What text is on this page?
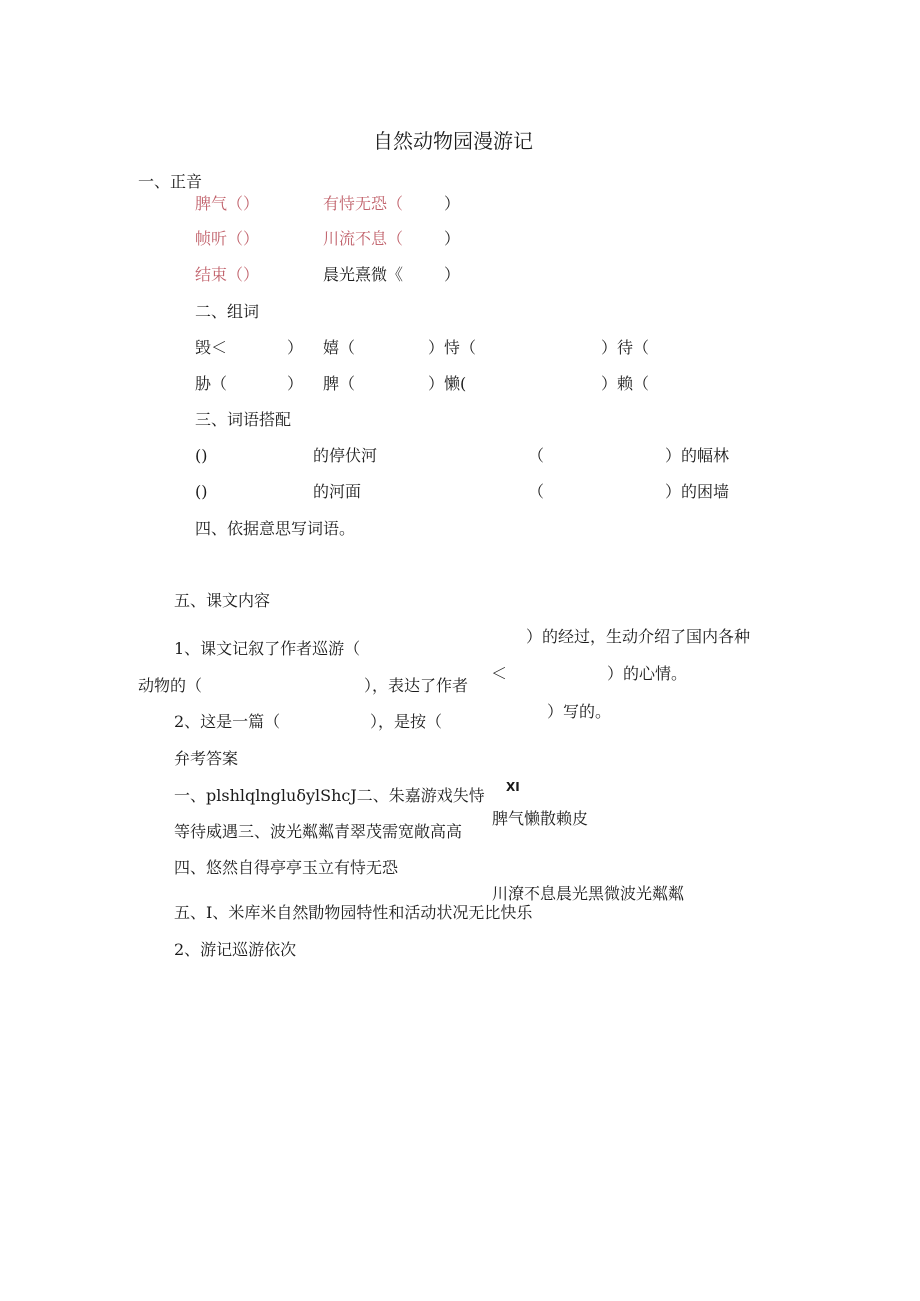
自然动物园漫游记
一、正音
脾气（）	有恃无恐（	）
帧听（）	川流不息（	）
结束（）	晨光熹微《	）
二、组词
毁＜	） 嬉（	）恃（	）待（
胁（	） 脾（	）懒(	）赖（
三、词语搭配
()	的停伏河	（	）的幅林
()	的河面	（	）的困墙
四、依据意思写词语。
五、课文内容
1、课文记叙了作者巡游（
）的经过，生动介绍了国内各种
动物的（	），表达了作者
＜	）的心情。
2、这是一篇（	），是按（
）写的。
弁考答案
一、plshlqlngluδylShcJ二、朱嘉游戏失恃 XI
脾气懒散赖皮
等待威遇三、波光粼粼青翠茂需宽敞高高
四、悠然自得亭亭玉立有恃无恐
川潦不息晨光黑微波光粼粼
五、I、米库米自然勖物园特性和活动状况无比快乐
2、游记巡游依次
